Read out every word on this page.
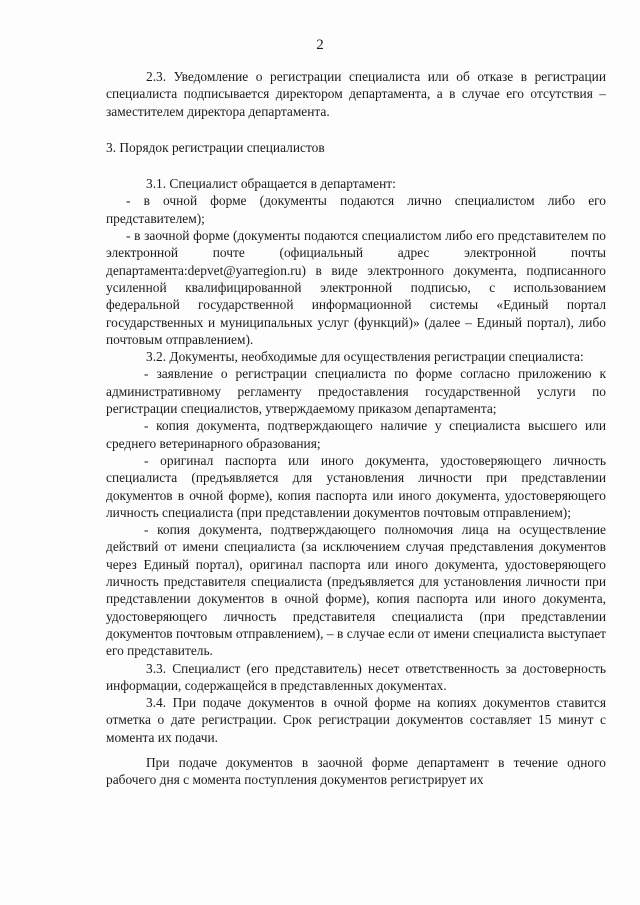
2

2.3. Уведомление о регистрации специалиста или об отказе в регистрации специалиста подписывается директором департамента, а в случае его отсутствия – заместителем директора департамента.

3. Порядок регистрации специалистов

3.1. Специалист обращается в департамент:

- в очной форме (документы подаются лично специалистом либо его представителем);

- в заочной форме (документы подаются специалистом либо его представителем по электронной почте (официальный адрес электронной почты департамента:depvet@yarregion.ru) в виде электронного документа, подписанного усиленной квалифицированной электронной подписью, с использованием федеральной государственной информационной системы «Единый портал государственных и муниципальных услуг (функций)» (далее – Единый портал), либо почтовым отправлением).

3.2. Документы, необходимые для осуществления регистрации специалиста:

- заявление о регистрации специалиста по форме согласно приложению к административному регламенту предоставления государственной услуги по регистрации специалистов, утверждаемому приказом департамента;

- копия документа, подтверждающего наличие у специалиста высшего или среднего ветеринарного образования;

- оригинал паспорта или иного документа, удостоверяющего личность специалиста (предъявляется для установления личности при представлении документов в очной форме), копия паспорта или иного документа, удостоверяющего личность специалиста (при представлении документов почтовым отправлением);

- копия документа, подтверждающего полномочия лица на осуществление действий от имени специалиста (за исключением случая представления документов через Единый портал), оригинал паспорта или иного документа, удостоверяющего личность представителя специалиста (предъявляется для установления личности при представлении документов в очной форме), копия паспорта или иного документа, удостоверяющего личность представителя специалиста (при представлении документов почтовым отправлением), – в случае если от имени специалиста выступает его представитель.

3.3. Специалист (его представитель) несет ответственность за достоверность информации, содержащейся в представленных документах.

3.4. При подаче документов в очной форме на копиях документов ставится отметка о дате регистрации. Срок регистрации документов составляет 15 минут с момента их подачи.

При подаче документов в заочной форме департамент в течение одного рабочего дня с момента поступления документов регистрирует их
